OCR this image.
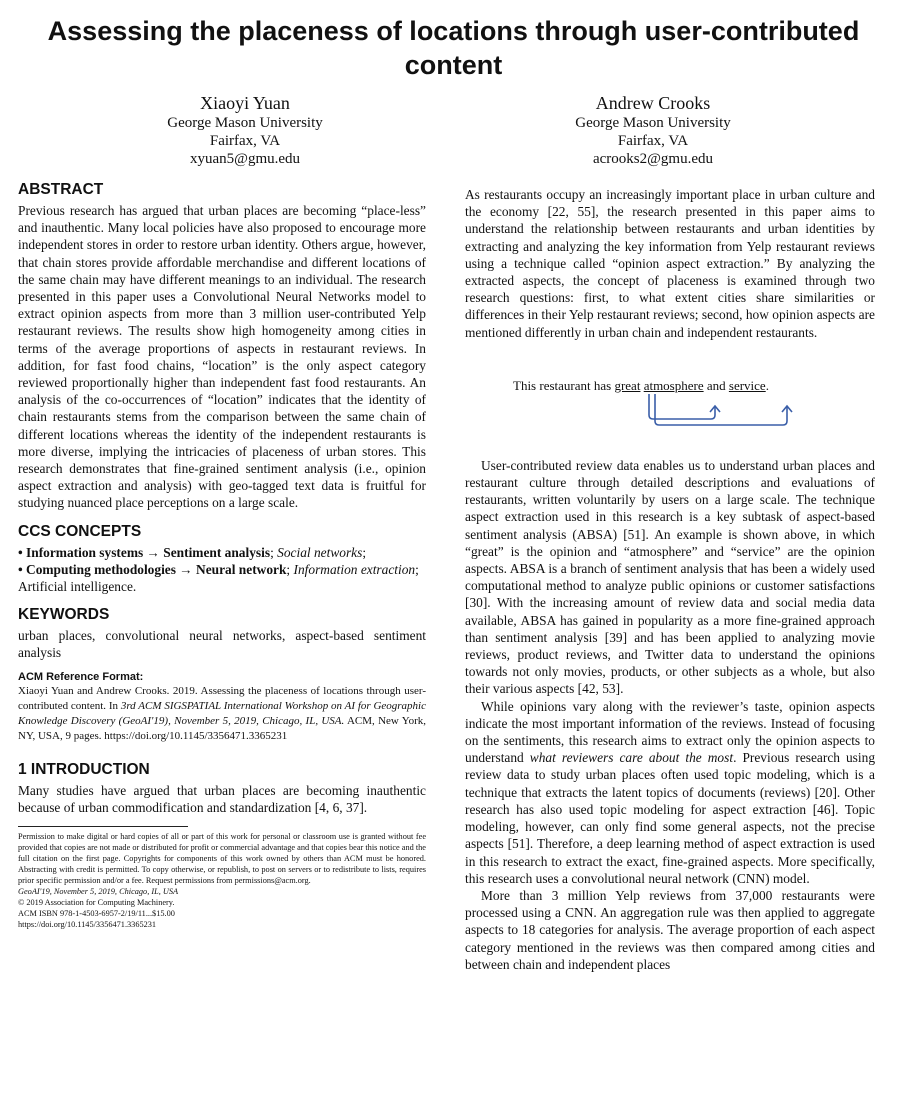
Assessing the placeness of locations through user-contributed content
Xiaoyi Yuan
George Mason University
Fairfax, VA
xyuan5@gmu.edu
Andrew Crooks
George Mason University
Fairfax, VA
acrooks2@gmu.edu
ABSTRACT

Previous research has argued that urban places are becoming “place-less” and inauthentic. Many local policies have also proposed to encourage more independent stores in order to restore urban identity. Others argue, however, that chain stores provide affordable merchandise and different locations of the same chain may have different meanings to an individual. The research presented in this paper uses a Convolutional Neural Networks model to extract opinion aspects from more than 3 million user-contributed Yelp restaurant reviews. The results show high homogeneity among cities in terms of the average proportions of aspects in restaurant reviews. In addition, for fast food chains, “location” is the only aspect category reviewed proportionally higher than independent fast food restaurants. An analysis of the co-occurrences of “location” indicates that the identity of chain restaurants stems from the comparison between the same chain of different locations whereas the identity of the independent restaurants is more diverse, implying the intricacies of placeness of urban stores. This research demonstrates that fine-grained sentiment analysis (i.e., opinion aspect extraction and analysis) with geo-tagged text data is fruitful for studying nuanced place perceptions on a large scale.

CCS CONCEPTS

• Information systems → Sentiment analysis; Social networks;

• Computing methodologies → Neural network; Information extraction; Artificial intelligence.

KEYWORDS

urban places, convolutional neural networks, aspect-based sentiment analysis

ACM Reference Format:

Xiaoyi Yuan and Andrew Crooks. 2019. Assessing the placeness of locations through user-contributed content. In 3rd ACM SIGSPATIAL International Workshop on AI for Geographic Knowledge Discovery (GeoAI'19), November 5, 2019, Chicago, IL, USA. ACM, New York, NY, USA, 9 pages. https://doi.org/10.1145/3356471.3365231

1 INTRODUCTION

Many studies have argued that urban places are becoming inauthentic because of urban commodification and standardization [4, 6, 37].

Permission to make digital or hard copies of all or part of this work for personal or classroom use is granted without fee provided that copies are not made or distributed for profit or commercial advantage and that copies bear this notice and the full citation on the first page. Copyrights for components of this work owned by others than ACM must be honored. Abstracting with credit is permitted. To copy otherwise, or republish, to post on servers or to redistribute to lists, requires prior specific permission and/or a fee. Request permissions from permissions@acm.org.

GeoAI'19, November 5, 2019, Chicago, IL, USA
© 2019 Association for Computing Machinery.
ACM ISBN 978-1-4503-6957-2/19/11...$15.00
https://doi.org/10.1145/3356471.3365231

As restaurants occupy an increasingly important place in urban culture and the economy [22, 55], the research presented in this paper aims to understand the relationship between restaurants and urban identities by extracting and analyzing the key information from Yelp restaurant reviews using a technique called “opinion aspect extraction.” By analyzing the extracted aspects, the concept of placeness is examined through two research questions: first, to what extent cities share similarities or differences in their Yelp restaurant reviews; second, how opinion aspects are mentioned differently in urban chain and independent restaurants.

This restaurant has great atmosphere and service.

User-contributed review data enables us to understand urban places and restaurant culture through detailed descriptions and evaluations of restaurants, written voluntarily by users on a large scale. The technique aspect extraction used in this research is a key subtask of aspect-based sentiment analysis (ABSA) [51]. An example is shown above, in which “great” is the opinion and “atmosphere” and “service” are the opinion aspects. ABSA is a branch of sentiment analysis that has been a widely used computational method to analyze public opinions or customer satisfactions [30]. With the increasing amount of review data and social media data available, ABSA has gained in popularity as a more fine-grained approach than sentiment analysis [39] and has been applied to analyzing movie reviews, product reviews, and Twitter data to understand the opinions towards not only movies, products, or other subjects as a whole, but also their various aspects [42, 53].

While opinions vary along with the reviewer’s taste, opinion aspects indicate the most important information of the reviews. Instead of focusing on the sentiments, this research aims to extract only the opinion aspects to understand what reviewers care about the most. Previous research using review data to study urban places often used topic modeling, which is a technique that extracts the latent topics of documents (reviews) [20]. Other research has also used topic modeling for aspect extraction [46]. Topic modeling, however, can only find some general aspects, not the precise aspects [51]. Therefore, a deep learning method of aspect extraction is used in this research to extract the exact, fine-grained aspects. More specifically, this research uses a convolutional neural network (CNN) model.

More than 3 million Yelp reviews from 37,000 restaurants were processed using a CNN. An aggregation rule was then applied to aggregate aspects to 18 categories for analysis. The average proportion of each aspect category mentioned in the reviews was then compared among cities and between chain and independent places
